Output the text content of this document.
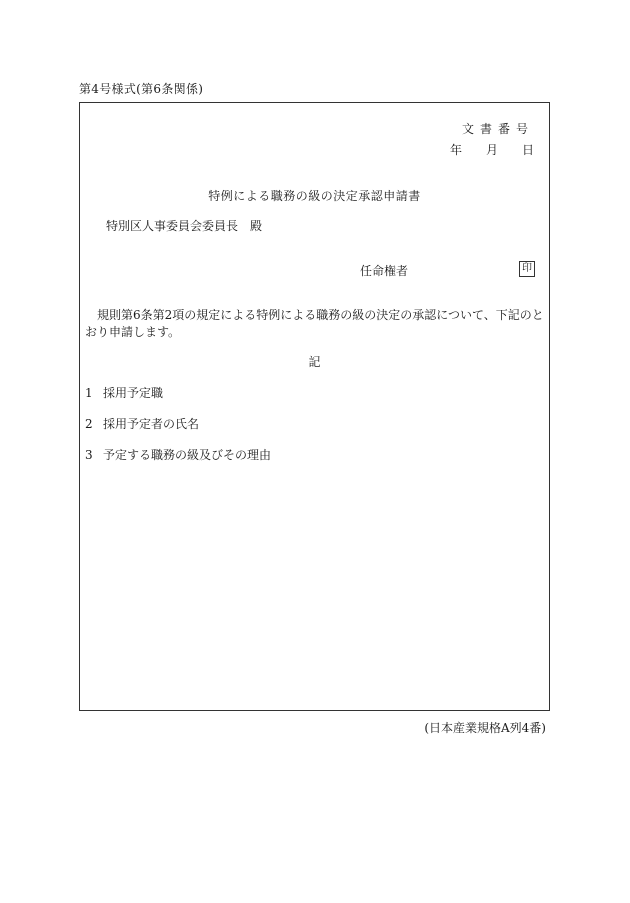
第4号様式(第6条関係)
文書番号
年 月 日
特例による職務の級の決定承認申請書
特別区人事委員会委員長　殿
任命権者	印
規則第6条第2項の規定による特例による職務の級の決定の承認について、下記のとおり申請します。
記
1 採用予定職
2 採用予定者の氏名
3 予定する職務の級及びその理由
(日本産業規格A列4番)
